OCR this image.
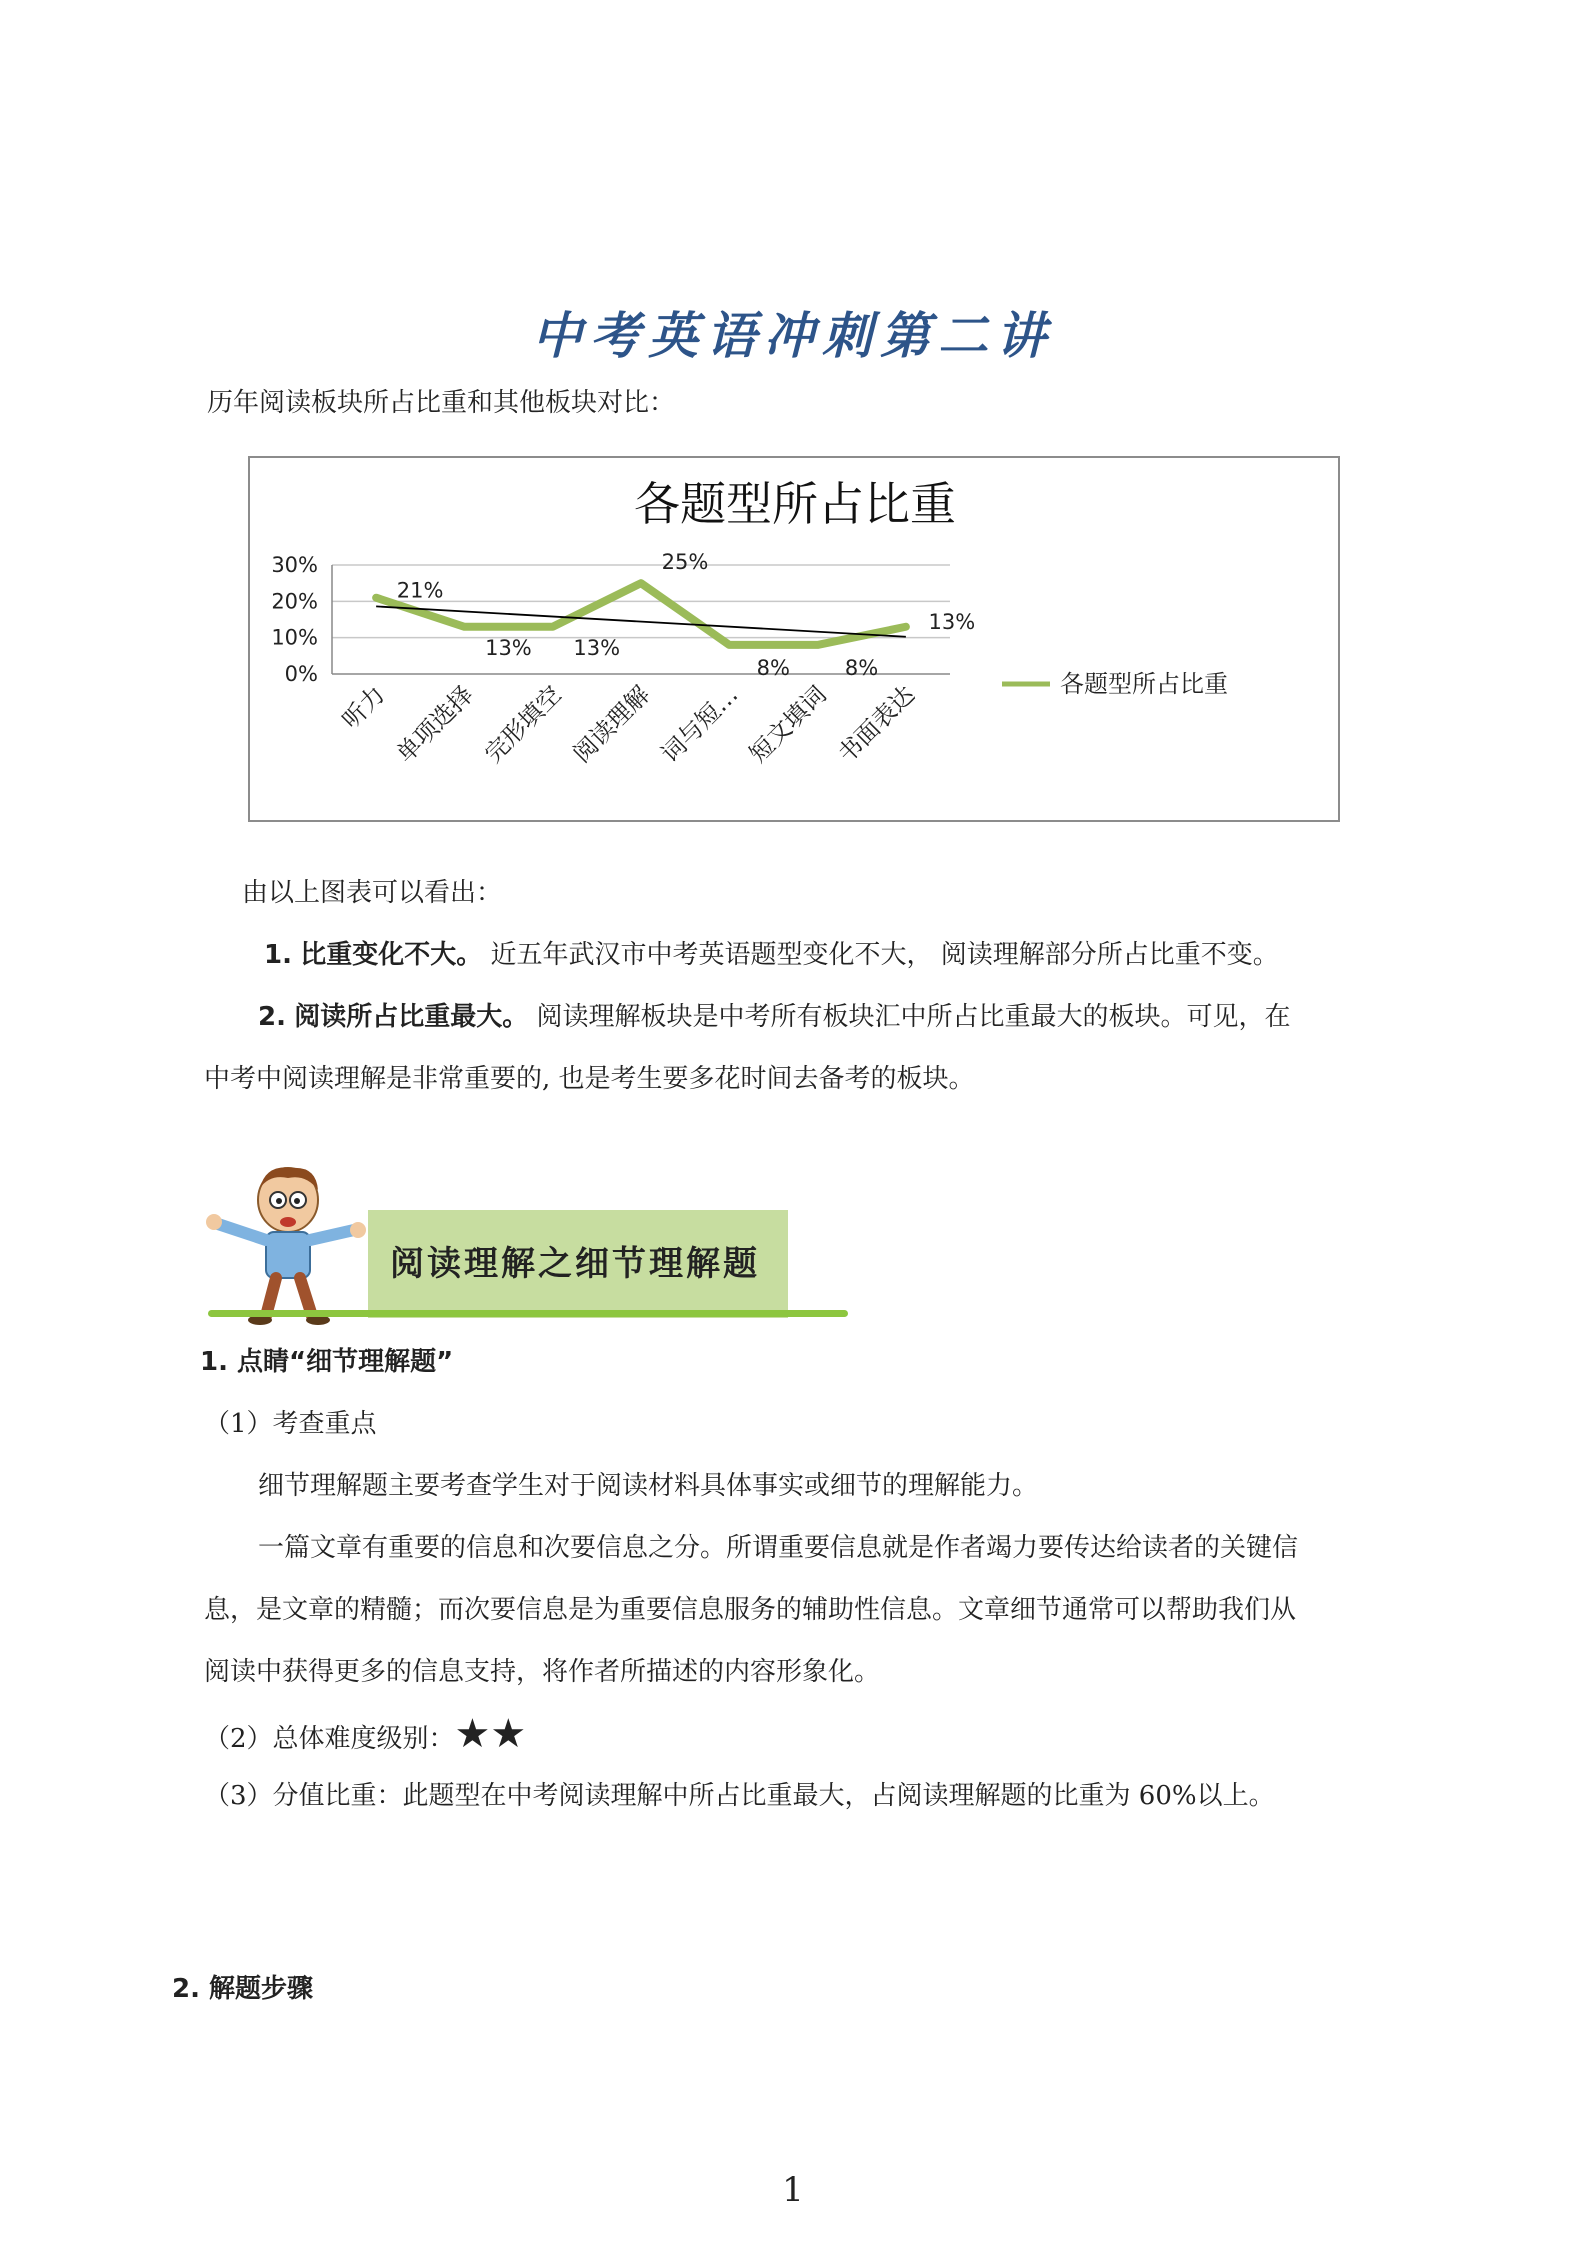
中考英语冲刺第二讲
历年阅读板块所占比重和其他板块对比：
各题型所占比重
30%
20%
10%
0%
21%
13% 13%
25%
8%	8%
13%
听力 单项选择 完形填空 阅读理解 词与短… 短文填词 书面表达	各题型所占比重
由以上图表可以看出：
1. 比重变化不大。 近五年武汉市中考英语题型变化不大， 阅读理解部分所占比重不变。
2. 阅读所占比重最大。 阅读理解板块是中考所有板块汇中所占比重最大的板块。可见，在
中考中阅读理解是非常重要的, 也是考生要多花时间去备考的板块。
阅读理解之细节理解题
1. 点睛“细节理解题”
（1）考查重点
细节理解题主要考查学生对于阅读材料具体事实或细节的理解能力。
一篇文章有重要的信息和次要信息之分。所谓重要信息就是作者竭力要传达给读者的关键信
息，是文章的精髓；而次要信息是为重要信息服务的辅助性信息。文章细节通常可以帮助我们从
阅读中获得更多的信息支持，将作者所描述的内容形象化。
（2）总体难度级别：★★
（3）分值比重：此题型在中考阅读理解中所占比重最大，占阅读理解题的比重为 60%以上。
2. 解题步骤
1
